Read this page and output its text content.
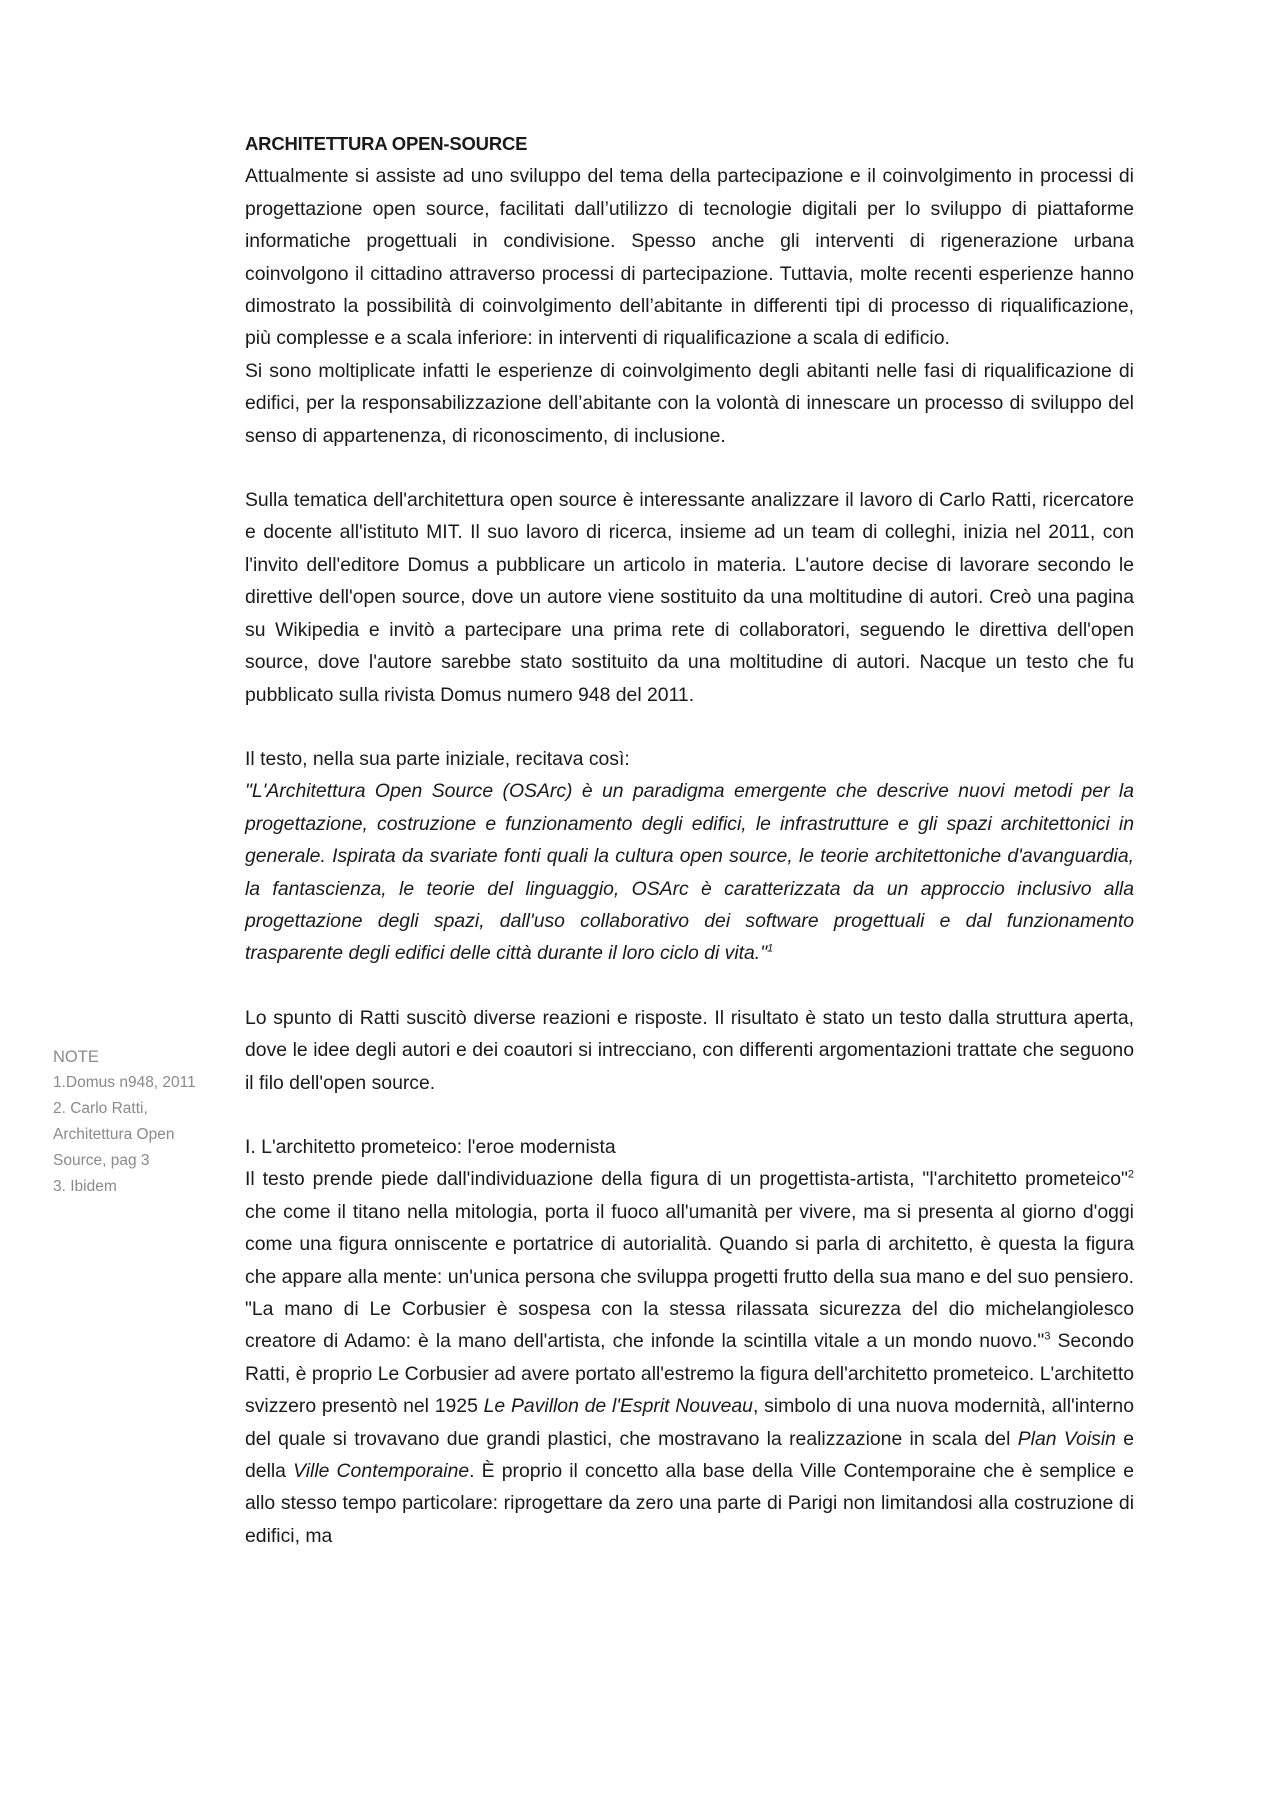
ARCHITETTURA OPEN-SOURCE

Attualmente si assiste ad uno sviluppo del tema della partecipazione e il coinvolgimento in processi di progettazione open source, facilitati dall’utilizzo di tecnologie digitali per lo sviluppo di piattaforme informatiche progettuali in condivisione. Spesso anche gli interventi di rigenerazione urbana coinvolgono il cittadino attraverso processi di partecipazione. Tuttavia, molte recenti esperienze hanno dimostrato la possibilità di coinvolgimento dell’abitante in differenti tipi di processo di riqualificazione, più complesse e a scala inferiore: in interventi di riqualificazione a scala di edificio.

Si sono moltiplicate infatti le esperienze di coinvolgimento degli abitanti nelle fasi di riqualificazione di edifici, per la responsabilizzazione dell’abitante con la volontà di innescare un processo di sviluppo del senso di appartenenza, di riconoscimento, di inclusione.

Sulla tematica dell'architettura open source è interessante analizzare il lavoro di Carlo Ratti, ricercatore e docente all'istituto MIT. Il suo lavoro di ricerca, insieme ad un team di colleghi, inizia nel 2011, con l'invito dell'editore Domus a pubblicare un articolo in materia. L'autore decise di lavorare secondo le direttive dell'open source, dove un autore viene sostituito da una moltitudine di autori. Creò una pagina su Wikipedia e invitò a partecipare una prima rete di collaboratori, seguendo le direttiva dell'open source, dove l'autore sarebbe stato sostituito da una moltitudine di autori. Nacque un testo che fu pubblicato sulla rivista Domus numero 948 del 2011.

Il testo, nella sua parte iniziale, recitava così:

"L'Architettura Open Source (OSArc) è un paradigma emergente che descrive nuovi metodi per la progettazione, costruzione e funzionamento degli edifici, le infrastrutture e gli spazi architettonici in generale. Ispirata da svariate fonti quali la cultura open source, le teorie architettoniche d'avanguardia, la fantascienza, le teorie del linguaggio, OSArc è caratterizzata da un approccio inclusivo alla progettazione degli spazi, dall'uso collaborativo dei software progettuali e dal funzionamento trasparente degli edifici delle città durante il loro ciclo di vita."$^1$

Lo spunto di Ratti suscitò diverse reazioni e risposte. Il risultato è stato un testo dalla struttura aperta, dove le idee degli autori e dei coautori si intrecciano, con differenti argomentazioni trattate che seguono il filo dell'open source.

I. L'architetto prometeico: l'eroe modernista

Il testo prende piede dall'individuazione della figura di un progettista-artista, "l'architetto prometeico"$^2$ che come il titano nella mitologia, porta il fuoco all'umanità per vivere, ma si presenta al giorno d'oggi come una figura onniscente e portatrice di autorialità. Quando si parla di architetto, è questa la figura che appare alla mente: un'unica persona che sviluppa progetti frutto della sua mano e del suo pensiero. "La mano di Le Corbusier è sospesa con la stessa rilassata sicurezza del dio michelangiolesco creatore di Adamo: è la mano dell'artista, che infonde la scintilla vitale a un mondo nuovo."$^3$ Secondo Ratti, è proprio Le Corbusier ad avere portato all'estremo la figura dell'architetto prometeico. L'architetto svizzero presentò nel 1925 Le Pavillon de l'Esprit Nouveau, simbolo di una nuova modernità, all'interno del quale si trovavano due grandi plastici, che mostravano la realizzazione in scala del Plan Voisin e della Ville Contemporaine. È proprio il concetto alla base della Ville Contemporaine che è semplice e allo stesso tempo particolare: riprogettare da zero una parte di Parigi non limitandosi alla costruzione di edifici, ma

NOTE
1.Domus n948, 2011
2. Carlo Ratti, Architettura Open Source, pag 3
3. Ibidem
